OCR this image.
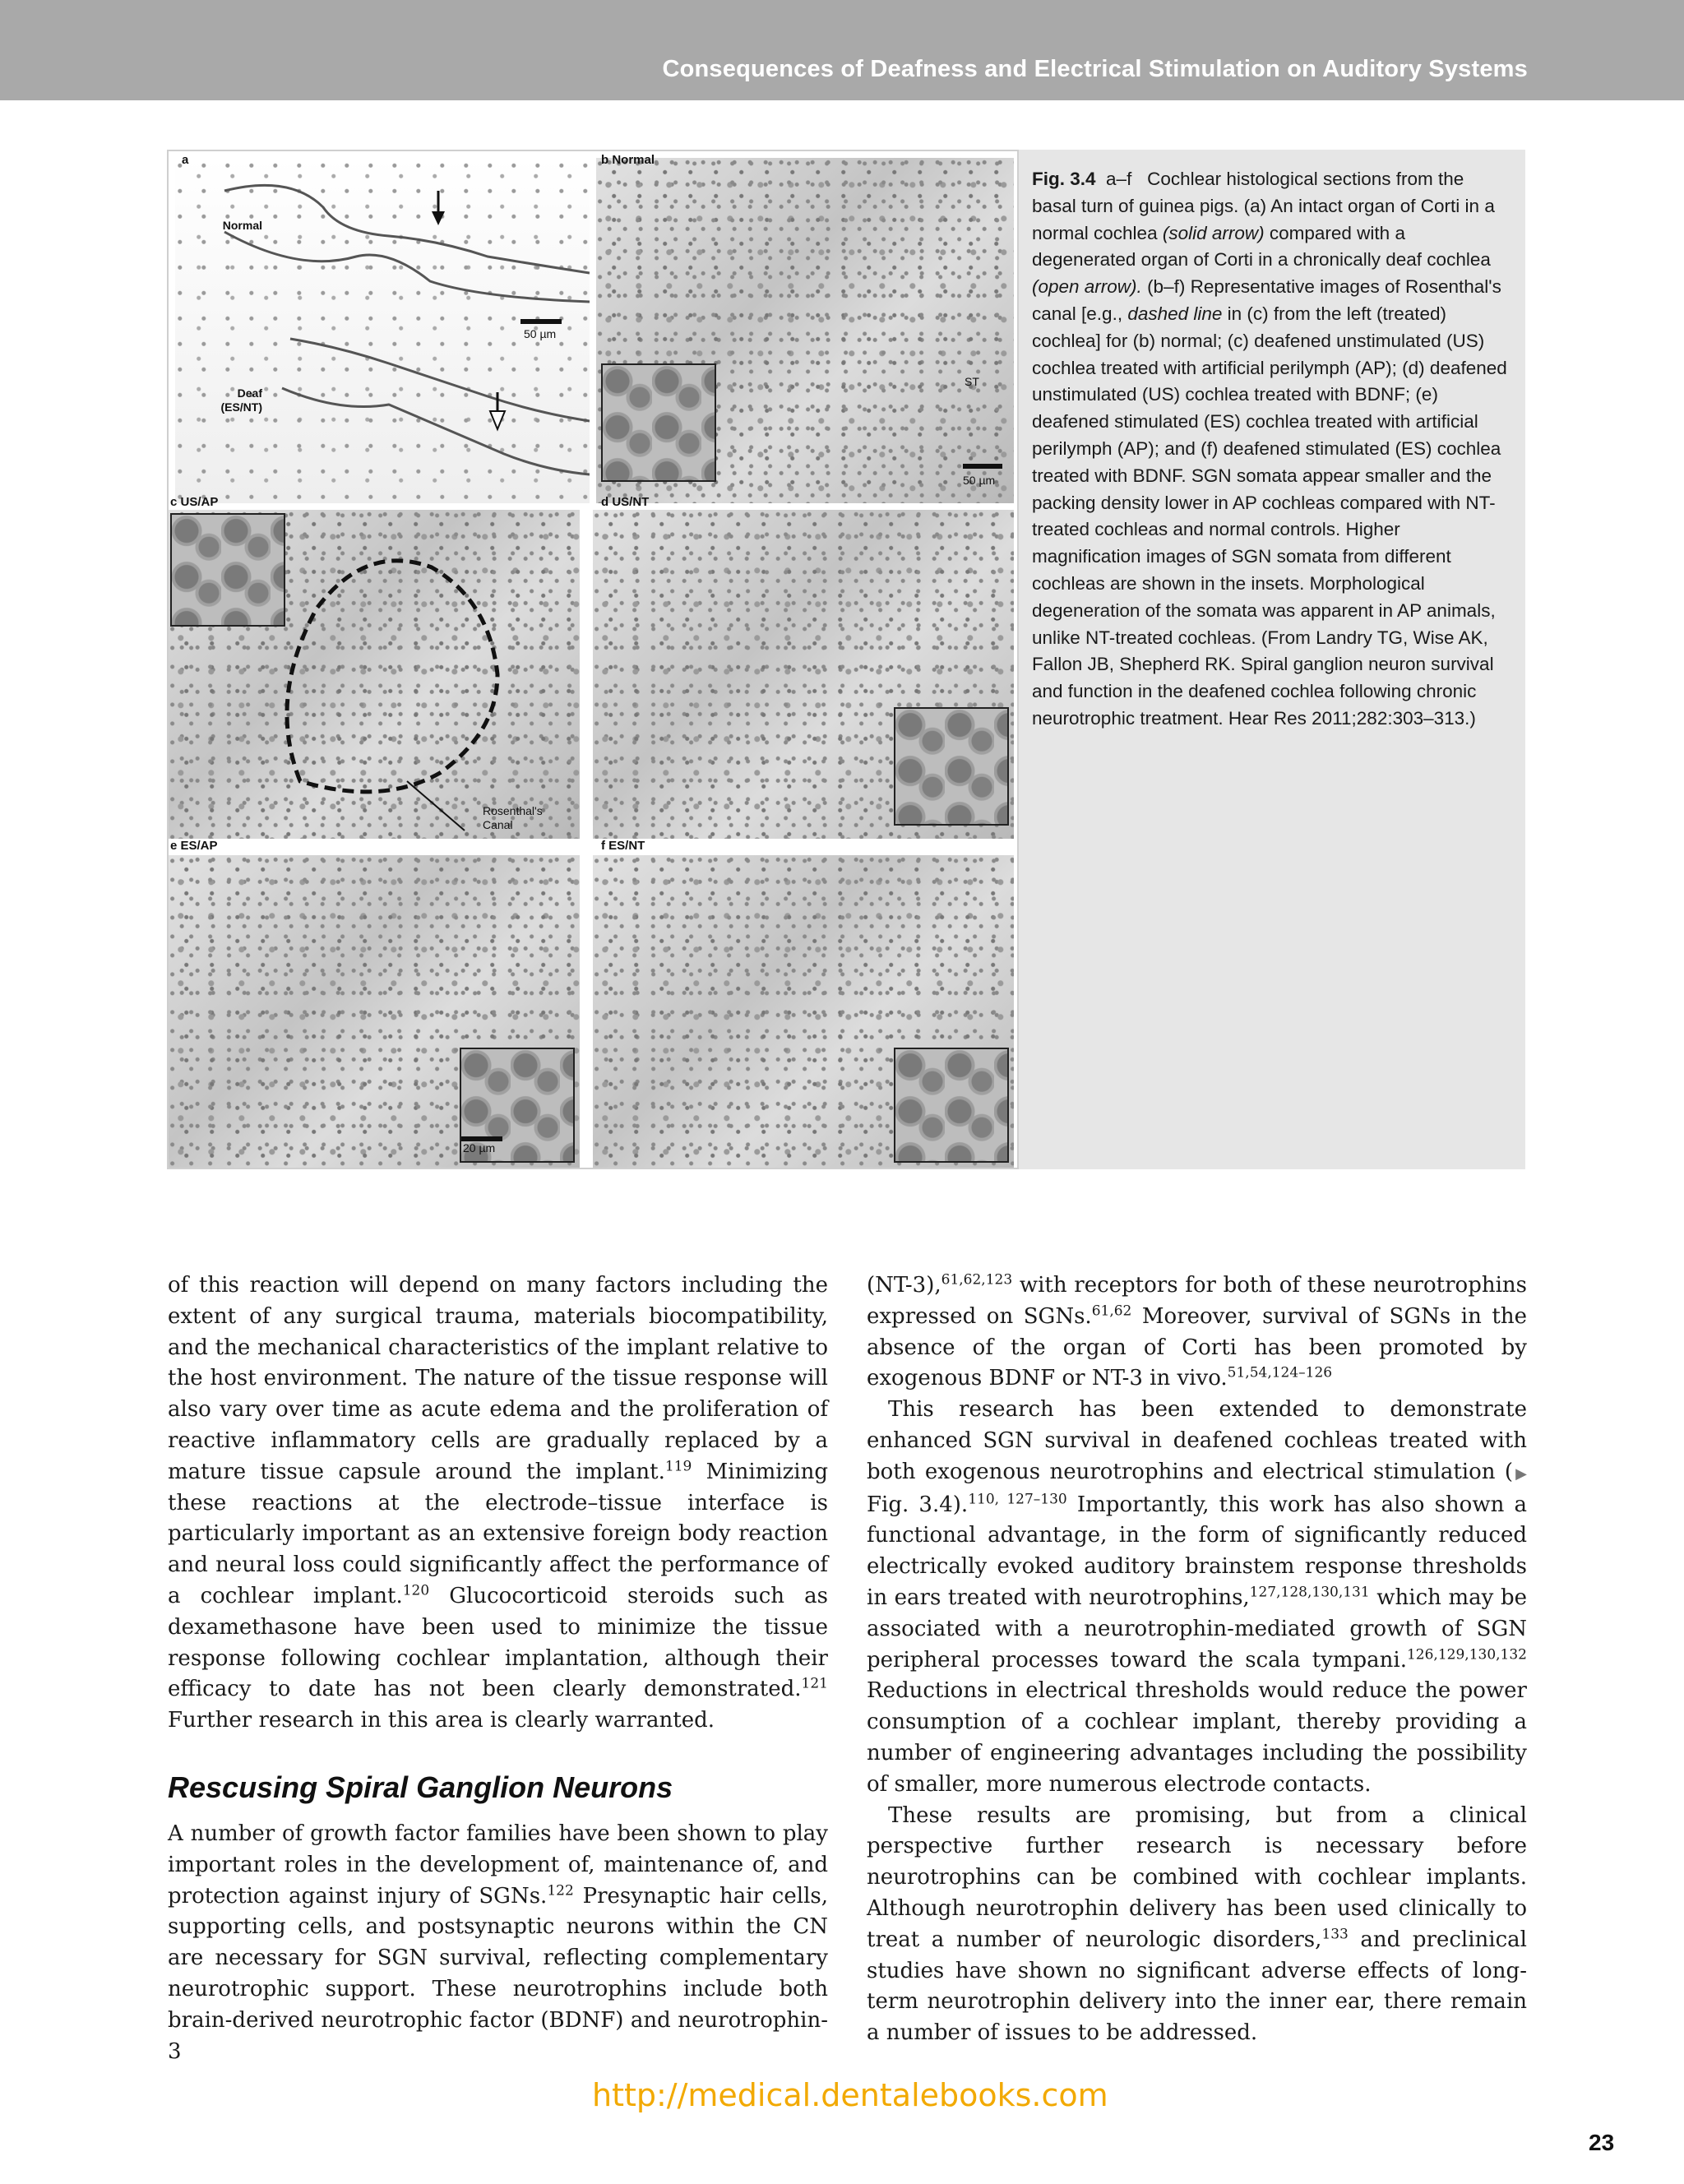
Consequences of Deafness and Electrical Stimulation on Auditory Systems
50 µm
a
Normal
Deaf
(ES/NT)
b Normal
ST
50 µm
c US/AP
Rosenthal's
Canal
d US/NT
e ES/AP
20 µm
f ES/NT
Fig. 3.4 a–f Cochlear histological sections from the basal turn of guinea pigs. (a) An intact organ of Corti in a normal cochlea (solid arrow) compared with a degenerated organ of Corti in a chronically deaf cochlea (open arrow). (b–f) Representative images of Rosenthal's canal [e.g., dashed line in (c) from the left (treated) cochlea] for (b) normal; (c) deafened unstimulated (US) cochlea treated with artificial perilymph (AP); (d) deafened unstimulated (US) cochlea treated with BDNF; (e) deafened stimulated (ES) cochlea treated with artificial perilymph (AP); and (f) deafened stimulated (ES) cochlea treated with BDNF. SGN somata appear smaller and the packing density lower in AP cochleas compared with NT-treated cochleas and normal controls. Higher magnification images of SGN somata from different cochleas are shown in the insets. Morphological degeneration of the somata was apparent in AP animals, unlike NT-treated cochleas. (From Landry TG, Wise AK, Fallon JB, Shepherd RK. Spiral ganglion neuron survival and function in the deafened cochlea following chronic neurotrophic treatment. Hear Res 2011;282:303–313.)

of this reaction will depend on many factors including the extent of any surgical trauma, materials biocompatibility, and the mechanical characteristics of the implant relative to the host environment. The nature of the tissue response will also vary over time as acute edema and the proliferation of reactive inflammatory cells are gradually replaced by a mature tissue capsule around the implant.$^{119}$ Minimizing these reactions at the electrode–tissue interface is particularly important as an extensive foreign body reaction and neural loss could significantly affect the performance of a cochlear implant.$^{120}$ Glucocorticoid steroids such as dexamethasone have been used to minimize the tissue response following cochlear implantation, although their efficacy to date has not been clearly demonstrated.$^{121}$ Further research in this area is clearly warranted.

Rescusing Spiral Ganglion Neurons

A number of growth factor families have been shown to play important roles in the development of, maintenance of, and protection against injury of SGNs.$^{122}$ Presynaptic hair cells, supporting cells, and postsynaptic neurons within the CN are necessary for SGN survival, reflecting complementary neurotrophic support. These neurotrophins include both brain-derived neurotrophic factor (BDNF) and neurotrophin-3

(NT-3),$^{61,62,123}$ with receptors for both of these neurotrophins expressed on SGNs.$^{61,62}$ Moreover, survival of SGNs in the absence of the organ of Corti has been promoted by exogenous BDNF or NT-3 in vivo.$^{51,54,124-126}$

This research has been extended to demonstrate enhanced SGN survival in deafened cochleas treated with both exogenous neurotrophins and electrical stimulation (▶ Fig. 3.4).$^{110, 127-130}$ Importantly, this work has also shown a functional advantage, in the form of significantly reduced electrically evoked auditory brainstem response thresholds in ears treated with neurotrophins,$^{127,128,130,131}$ which may be associated with a neurotrophin-mediated growth of SGN peripheral processes toward the scala tympani.$^{126,129,130,132}$ Reductions in electrical thresholds would reduce the power consumption of a cochlear implant, thereby providing a number of engineering advantages including the possibility of smaller, more numerous electrode contacts.

These results are promising, but from a clinical perspective further research is necessary before neurotrophins can be combined with cochlear implants. Although neurotrophin delivery has been used clinically to treat a number of neurologic disorders,$^{133}$ and preclinical studies have shown no significant adverse effects of long-term neurotrophin delivery into the inner ear, there remain a number of issues to be addressed.

http://medical.dentalebooks.com
23
